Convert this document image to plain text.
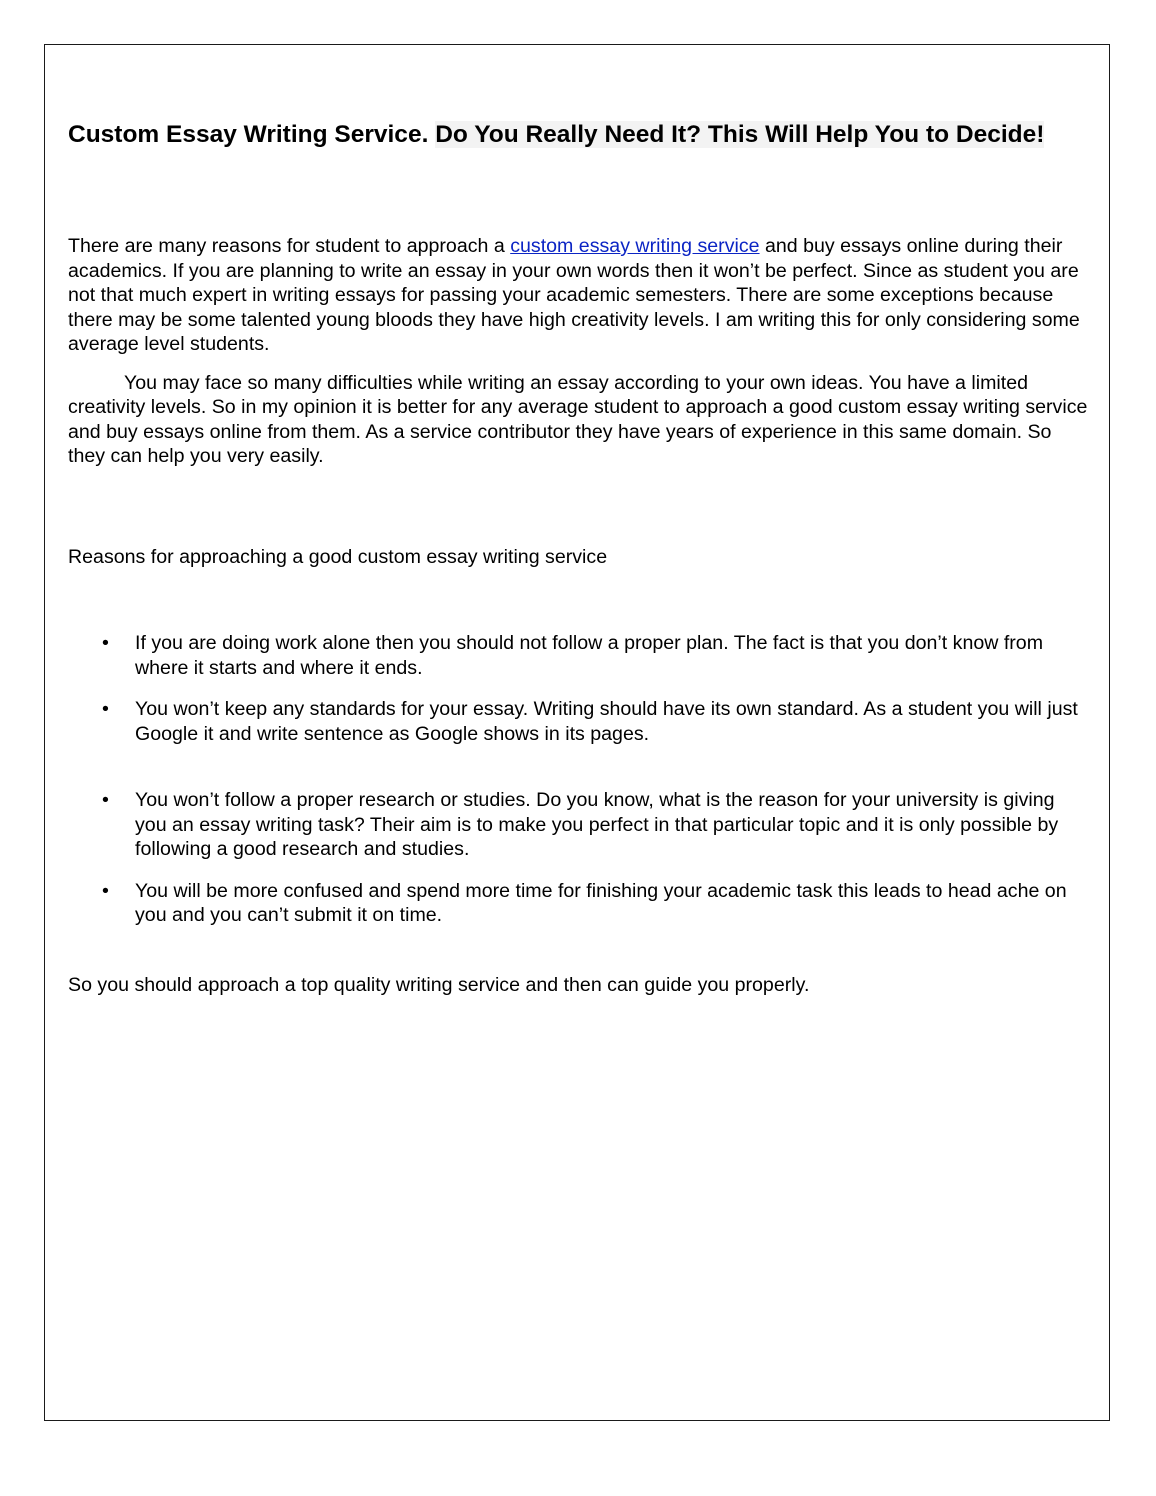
Custom Essay Writing Service. Do You Really Need It? This Will Help You to Decide!

There are many reasons for student to approach a custom essay writing service and buy essays online during their academics. If you are planning to write an essay in your own words then it won’t be perfect. Since as student you are not that much expert in writing essays for passing your academic semesters. There are some exceptions because there may be some talented young bloods they have high creativity levels. I am writing this for only considering some average level students.

You may face so many difficulties while writing an essay according to your own ideas. You have a limited creativity levels. So in my opinion it is better for any average student to approach a good custom essay writing service and buy essays online from them. As a service contributor they have years of experience in this same domain. So they can help you very easily.

Reasons for approaching a good custom essay writing service

• If you are doing work alone then you should not follow a proper plan. The fact is that you don’t know from where it starts and where it ends.
• You won’t keep any standards for your essay. Writing should have its own standard. As a student you will just Google it and write sentence as Google shows in its pages.
• You won’t follow a proper research or studies. Do you know, what is the reason for your university is giving you an essay writing task? Their aim is to make you perfect in that particular topic and it is only possible by following a good research and studies.
• You will be more confused and spend more time for finishing your academic task this leads to head ache on you and you can’t submit it on time.

So you should approach a top quality writing service and then can guide you properly.
